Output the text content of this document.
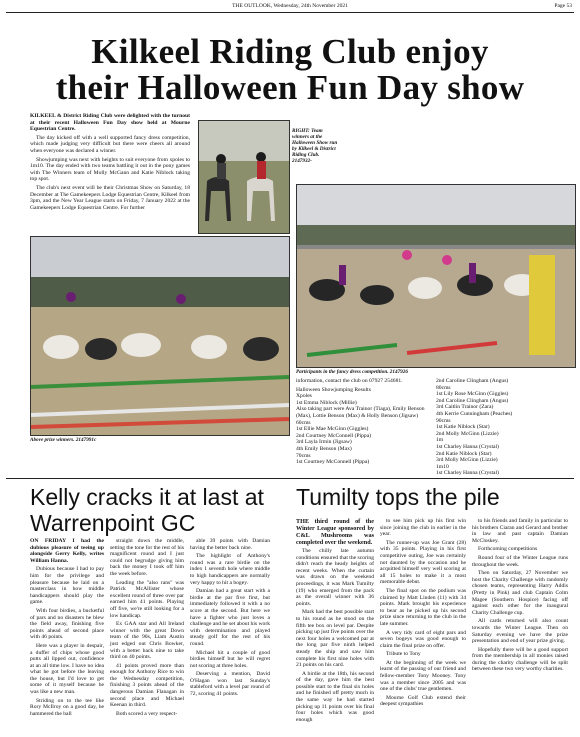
THE OUTLOOK, Wednesday, 24th November 2021	Page 53
Kilkeel Riding Club enjoy
their Halloween Fun Day show

KILKEEL & District Riding Club were delighted with the turnout at their recent Halloween Fun Day show held at Mourne Equestrian Centre.

The day kicked off with a well supported fancy dress competition, which made judging very difficult but there were cheers all around when everyone was declared a winner.

Showjumping was next with heights to suit everyone from xpoles to 1m10. The day ended with two teams battling it out in the pony games with The Winners team of Molly McGann and Katie Niblock taking top spot.

The club's next event will be their Christmas Show on Saturday, 18 December at The Gamekeepers Lodge Equestrian Centre, Kilkeel from 3pm, and the New Year League starts on Friday, 7 January 2022 at the Gamekeepers Lodge Equestrian Centre. For further

RIGHT: Team winners at the Halloween Show run by Kilkeel & District Riding Club. 2147932-
Participants in the fancy dress competition. 2147926
Above prize winners. 2147991c

information, contact the club on 07927 254681.

Halloween Showjumping Results

Xpoles

1st Emma Niblock (Millie)

Also taking part were Ava Trainor (Tiaga), Emily Benson (Max), Lottie Benson (Max) & Holly Benson (Jigsaw)

60cms

1st Ellie Mae McGinn (Giggles)

2nd Courtney McConnell (Pippa)

3rd Layla Irmin (Jigsaw)

4th Emily Benson (Max)

70cms

1st Courtney McConnell (Pippa)

2nd Caroline Clingham (Angus)

80cms

1st Lily Rose McGinn (Giggles)

2nd Caroline Clingham (Angus)

3rd Caitlin Trainor (Zara)

4th Kerrie Cunningham (Peaches)

90cms

1st Katie Niblock (Star)

2nd Molly McGinn (Lizzie)

1m

1st Charley Hanna (Crystal)

2nd Katie Niblock (Star)

3rd Molly McGinn (Lizzie)

1m10

1st Charley Hanna (Crystal)

Kelly cracks it at last at Warrenpoint GC

ON FRIDAY I had the dubious pleasure of teeing up alongside Gerry Kelly, writes William Hanna.

Dubious because I had to pay him for the privilege and pleasure because he laid on a masterclass in how middle handicappers should play the game.

With four birdies, a bucketful of pars and no disasters he blew the field away, finishing five points ahead of second place with 46 points.

Here was a player in despair, a duffer of chips whose good putts all lipped out, confidence at an all time low. I have no idea what he got before the leaving the house, but I'd love to get some of it myself because he was like a new man.

Striding on to the tee like Rory McIlroy on a good day, he hammered the ball

straight down the middle, setting the tone for the rest of his magnificent round and I just could not begrudge giving him back the money I took off him the week before.

Leading the "also rans" was Patrick McAllister whose excellent round of three over par earned him 41 points. Playing off five, we're still looking for a low handicap.

Ex GAA star and All Ireland winner with the great Down team of the 90s, Liam Austin just edged out Chris Bowker, with a better back nine to take third on 40 points.

41 points proved more than enough for Anthony Rice to win the Wednesday competition, finishing 3 points ahead of the dangerous Damian Flanagan in second place and Michael Keenan in third.

Both scored a very respect-

able 39 points with Damian having the better back nine.

The highlight of Anthony's round was a rare birdie on the index 1 seventh hole where middle to high handicappers are normally very happy to hit a bogey.

Damian had a great start with a birdie at the par five first, but immediately followed it with a no score at the second. But here we have a fighter who just loves a challenge and he set about his work with determination and played steady golf for the rest of his round.

Michael hit a couple of good birdies himself but he will regret not scoring at three holes.

Deserving a mention, David O'Hagan won last Sunday's stableford with a level par round of 72, scoring 41 points.

Tumilty tops the pile

THE third round of the Winter League sponsored by C&L Mushrooms was completed over the weekend.

The chilly late autumn conditions ensured that the scoring didn't reach the heady heights of recent weeks. When the curtain was drawn on the weekend proceedings, it was Mark Tumilty (19) who emerged from the pack as the overall winner with 36 points.

Mark had the best possible start to his round as he stood on the fifth tee box on level par. Despite picking up just five points over the next four holes a welcomed par at the long par five ninth helped steady the ship and saw him complete his first nine holes with 21 points on his card.

A birdie at the 18th, his second of the day, gave him the best possible start to the final six holes and he finished off pretty much in the same way he had started picking up 11 points over his final four holes which was good enough

to see him pick up his first win since joining the club in earlier in the year.

The runner-up was Joe Grant (28) with 35 points. Playing in his first competitive outing, Joe was certainly not daunted by the occasion and he acquitted himself very well scoring at all 15 holes to make it a most memorable debut.

The final spot on the podium was claimed by Matt Linden (11) with 34 points. Mark brought his experience to bear as he picked up his second prize since returning to the club in the late summer.

A very tidy card of eight pars and seven bogeys was good enough to claim the final prize on offer.

Tribute to Tony

At the beginning of the week we learnt of the passing of our friend and fellow-member Tony Mooney. Tony was a member since 2005 and was one of the clubs' true gentlemen.

Mourne Golf Club extend their deepest sympathies

to his friends and family in particular to his brothers Ciaran and Gerard and brother in law and past captain Damian McCloskey.

Forthcoming competitions

Round four of the Winter League runs throughout the week.

Then on Saturday, 27 November we host the Charity Challenge with randomly chosen teams, representing Harry Addis (Pretty in Pink) and club Captain Colm Magee (Southern Hospice) facing off against each other for the inaugural Charity Challenge cup.

All cards returned will also count towards the Winter League. Then on Saturday evening we have the prize presentation and end of year prize giving.

Hopefully there will be a good support from the membership in all monies raised during the charity challenge will be split between these two very worthy charities.
